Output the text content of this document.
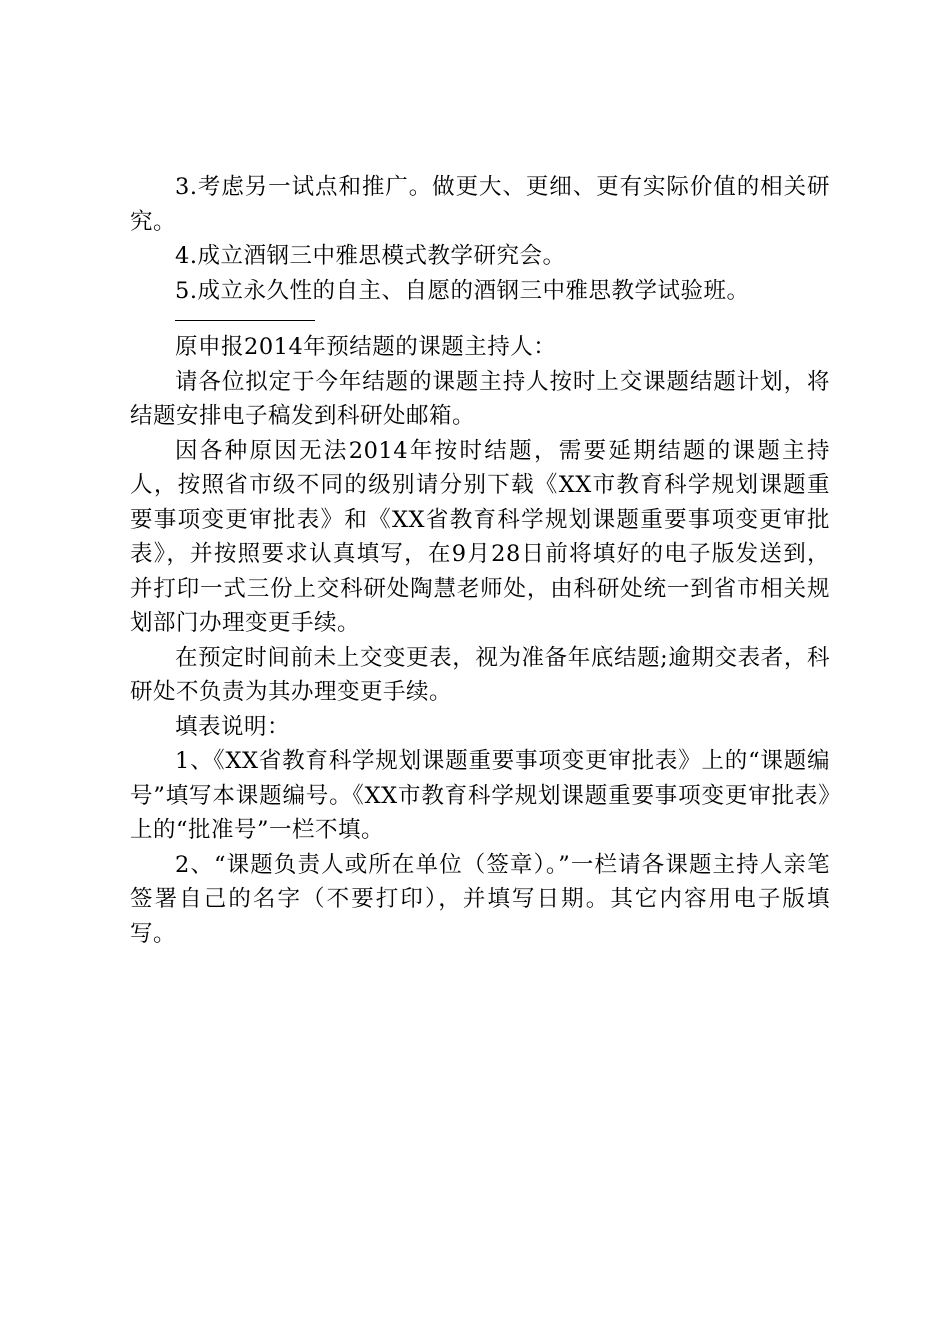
3.考虑另一试点和推广。做更大、更细、更有实际价值的相关研究。

4.成立酒钢三中雅思模式教学研究会。

5.成立永久性的自主、自愿的酒钢三中雅思教学试验班。

原申报2014年预结题的课题主持人：

请各位拟定于今年结题的课题主持人按时上交课题结题计划，将结题安排电子稿发到科研处邮箱。

因各种原因无法2014年按时结题，需要延期结题的课题主持人，按照省市级不同的级别请分别下载《XX市教育科学规划课题重要事项变更审批表》和《XX省教育科学规划课题重要事项变更审批表》，并按照要求认真填写，在9月28日前将填好的电子版发送到，并打印一式三份上交科研处陶慧老师处，由科研处统一到省市相关规划部门办理变更手续。

在预定时间前未上交变更表，视为准备年底结题;逾期交表者，科研处不负责为其办理变更手续。

填表说明：

1、《XX省教育科学规划课题重要事项变更审批表》上的“课题编号”填写本课题编号。《XX市教育科学规划课题重要事项变更审批表》上的“批准号”一栏不填。

2、“课题负责人或所在单位（签章）。”一栏请各课题主持人亲笔签署自己的名字（不要打印），并填写日期。其它内容用电子版填写。
